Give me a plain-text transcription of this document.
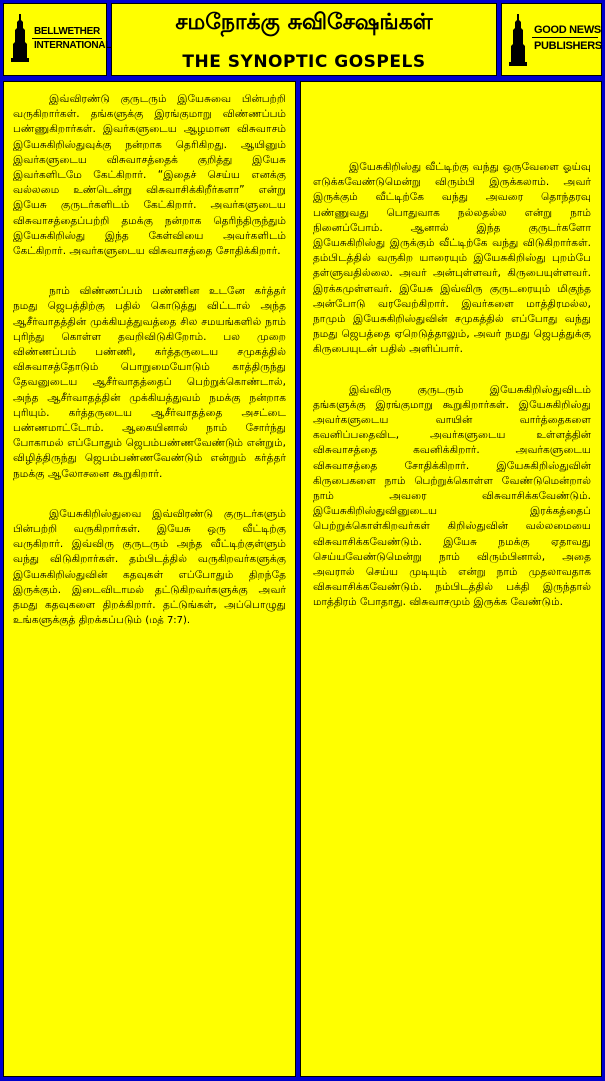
BELLWETHER
INTERNATIONAL
சமநோக்கு சுவிசேஷங்கள்
THE SYNOPTIC GOSPELS
GOOD NEWS
PUBLISHERS

இவ்விரண்டு குருடரும் இயேசுவை பின்பற்றி வருகிறார்கள். தங்களுக்கு இரங்குமாறு விண்ணப்பம் பண்ணுகிறார்கள். இவர்களுடைய ஆழமான விசுவாசம் இயேசுகிறிஸ்துவுக்கு நன்றாக தெரிகிறது. ஆயினும் இவர்களுடைய விசுவாசத்தைக் குறித்து இயேசு இவர்களிடமே கேட்கிறார். “இதைச் செய்ய எனக்கு வல்லமை உண்டென்று விசுவாசிக்கிறீர்களா” என்று இயேசு குருடர்களிடம் கேட்கிறார். அவர்களுடைய விசுவாசத்தைப்பற்றி தமக்கு நன்றாக தெரிந்திருந்தும் இயேசுகிறிஸ்து இந்த கேள்வியை அவர்களிடம் கேட்கிறார். அவர்களுடைய விசுவாசத்தை சோதிக்கிறார்.

நாம் விண்ணப்பம் பண்ணின உடனே கர்த்தர் நமது ஜெபத்திற்கு பதில் கொடுத்து விட்டால் அந்த ஆசீர்வாதத்தின் முக்கியத்துவத்தை சில சமயங்களில் நாம் புரிந்து கொள்ள தவறிவிடுகிறோம். பல முறை விண்ணப்பம் பண்ணி, கர்த்தருடைய சமுகத்தில் விசுவாசத்தோடும் பொறுமையோடும் காத்திருந்து தேவனுடைய ஆசீர்வாதத்தைப் பெற்றுக்கொண்டால், அந்த ஆசீர்வாதத்தின் முக்கியத்துவம் நமக்கு நன்றாக புரியும். கர்த்தருடைய ஆசீர்வாதத்தை அசட்டை பண்ணமாட்டோம். ஆகையினால் நாம் சோர்ந்து போகாமல் எப்போதும் ஜெபம்பண்ணவேண்டும் என்றும், விழித்திருந்து ஜெபம்பண்ணவேண்டும் என்றும் கர்த்தர் நமக்கு ஆலோசனை கூறுகிறார்.

இயேசுகிறிஸ்துவை இவ்விரண்டு குருடர்களும் பின்பற்றி வருகிறார்கள். இயேசு ஒரு வீட்டிற்கு வருகிறார். இவ்விரு குருடரும் அந்த வீட்டிற்குள்ளும் வந்து விடுகிறார்கள். தம்பிடத்தில் வருகிறவர்களுக்கு இயேசுகிறிஸ்துவின் கதவுகள் எப்போதும் திறந்தே இருக்கும். இடைவிடாமல் தட்டுகிறவர்களுக்கு அவர் தமது கதவுகளை திறக்கிறார். தட்டுங்கள், அப்பொழுது உங்களுக்குத் திறக்கப்படும் (மத் 7:7).

இயேசுகிறிஸ்து வீட்டிற்கு வந்து ஒருவேளை ஓய்வு எடுக்கவேண்டுமென்று விரும்பி இருக்கலாம். அவர் இருக்கும் வீட்டிற்கே வந்து அவரை தொந்தரவு பண்ணுவது பொதுவாக நல்லதல்ல என்று நாம் நினைப்போம். ஆனால் இந்த குருடர்களோ இயேசுகிறிஸ்து இருக்கும் வீட்டிற்கே வந்து விடுகிறார்கள். தம்பிடத்தில் வருகிற யாரையும் இயேசுகிறிஸ்து புறம்பே தள்ளுவதில்லை. அவர் அன்புள்ளவர், கிருபையுள்ளவர். இரக்கமுள்ளவர். இயேசு இவ்விரு குருடரையும் மிகுந்த அன்போடு வரவேற்கிறார். இவர்களை மாத்திரமல்ல, நாமும் இயேசுகிறிஸ்துவின் சமுகத்தில் எப்போது வந்து நமது ஜெபத்தை ஏறெடுத்தாலும், அவர் நமது ஜெபத்துக்கு கிருபையுடன் பதில் அளிப்பார்.

இவ்விரு குருடரும் இயேசுகிறிஸ்துவிடம் தங்களுக்கு இரங்குமாறு கூறுகிறார்கள். இயேசுகிறிஸ்து அவர்களுடைய வாயின் வார்த்தைகளை கவனிப்பதைவிட, அவர்களுடைய உள்ளத்தின் விசுவாசத்தை கவனிக்கிறார். அவர்களுடைய விசுவாசத்தை சோதிக்கிறார். இயேசுகிறிஸ்துவின் கிருபைகளை நாம் பெற்றுக்கொள்ள வேண்டுமென்றால் நாம் அவரை விசுவாசிக்கவேண்டும். இயேசுகிறிஸ்துவினுடைய இரக்கத்தைப் பெற்றுக்கொள்கிறவர்கள் கிறிஸ்துவின் வல்லமையை விசுவாசிக்கவேண்டும். இயேசு நமக்கு ஏதாவது செய்யவேண்டுமென்று நாம் விரும்பினால், அதை அவரால் செய்ய முடியும் என்று நாம் முதலாவதாக விசுவாசிக்கவேண்டும். நம்பிடத்தில் பக்தி இருந்தால் மாத்திரம் போதாது. விசுவாசமும் இருக்க வேண்டும்.
